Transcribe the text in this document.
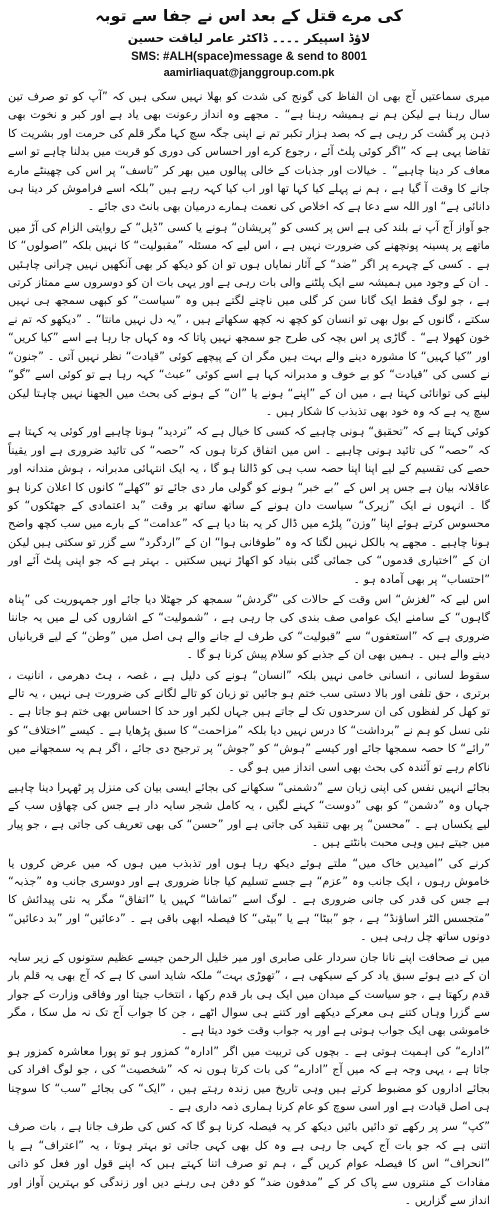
کی مرے قتل کے بعد اس نے جفا سے توبہ
لاؤڈ اسپیکر ۔۔۔۔ ڈاکٹر عامر لیاقت حسین
SMS: #ALH(space)message & send to 8001
aamirliaquat@janggroup.com.pk

میری سماعتیں آج بھی ان الفاظ کی گونج کی شدت کو بھلا نہیں سکی ہیں کہ ”آپ کو تو صرف تین سال رہنا ہے لیکن ہم نے ہمیشہ رہنا ہے“ ۔ مجھے وہ انداز رعونت بھی یاد ہے اور کبر و نخوت بھی ذہن پر گشت کر رہی ہے کہ بصد ہزار تکبر تم نے اپنی جگہ سچ کہا مگر قلم کی حرمت اور بشریت کا تقاضا یہی ہے کہ ”اگر کوئی پلٹ آئے ، رجوع کرے اور احساس کی دوری کو قربت میں بدلنا چاہے تو اسے معاف کر دینا چاہیے“ ۔ خیالات اور جذبات کے خالی پیالوں میں بھر کر ”تاسف“ پر اس کی چھینٹے مارے جانے کا وقت آ گیا ہے ، ہم نے پہلے کیا کہا تھا اور اب کیا کہہ رہے ہیں ”بلکہ اسے فراموش کر دینا ہی دانائی ہے“ اور اللہ سے دعا ہے کہ اخلاص کی نعمت ہمارے درمیان بھی بانٹ دی جائے ۔

جو آواز آج آپ نے بلند کی ہے اس پر کسی کو ”پریشان“ ہونے یا کسی ”ڈیل“ کے روایتی الزام کی آڑ میں ماتھے پر پسینہ پونچھنے کی ضرورت نہیں ہے ، اس لیے کہ مسئلہ ”مقبولیت“ کا نہیں بلکہ ”اصولوں“ کا ہے ۔ کسی کے چہرے پر اگر ”ضد“ کے آثار نمایاں ہوں تو ان کو دیکھ کر بھی آنکھیں نہیں چرانی چاہئیں ۔ ان کے وجود میں ہمیشہ سے ایک پلٹنے والی بات رہی ہے اور یہی بات ان کو دوسروں سے ممتاز کرتی ہے ، جو لوگ فقط ایک گانا سن کر گلی میں ناچنے لگتے ہیں وہ ”سیاست“ کو کبھی سمجھ ہی نہیں سکتے ، گانوں کے بول بھی تو انسان کو کچھ نہ کچھ سکھاتے ہیں ، ”یہ دل نہیں مانتا“ ۔ ”دیکھو کہ تم نے خون کھولا ہے“ ۔ گاڑی پر اس بچہ کی طرح جو سمجھ نہیں پاتا کہ وہ کہاں جا رہا ہے اسے ”کیا کریں“ اور ”کیا کہیں“ کا مشورہ دینے والے بہت ہیں مگر ان کے پیچھے کوئی ”قیادت“ نظر نہیں آتی ۔ ”جنون“ نے کسی کی ”قیادت“ کو بے خوف و مدبرانہ کہا ہے اسے کوئی ”عبث“ کہہ رہا ہے تو کوئی اسے ”گو“ لینے کی توانائی کہتا ہے ، میں ان کے ”اپنے“ ہونے یا ”ان“ کے ہونے کی بحث میں الجھنا نہیں چاہتا لیکن سچ یہ ہے کہ وہ خود بھی تذبذب کا شکار ہیں ۔

کوئی کہتا ہے کہ ”تحقیق“ ہونی چاہیے کہ کسی کا خیال ہے کہ ”تردید“ ہونا چاہیے اور کوئی یہ کہتا ہے کہ ”حصہ“ کی تائید ہونی چاہیے ۔ اس میں اتفاق کرتا ہوں کہ ”حصہ“ کی تائید ضروری ہے اور یقیناً حصے کی تقسیم کے لیے اپنا اپنا حصہ سب ہی کو ڈالنا ہو گا ، یہ ایک انتہائی مدبرانہ ، ہوش مندانہ اور عاقلانہ بیان ہے جس پر اس کے ”بے خبر“ ہونے کو گولی مار دی جائے تو ”کھلے“ کانوں کا اعلان کرنا ہو گا ۔ انہوں نے ایک ”زیرک“ سیاست دان ہونے کے ساتھ ساتھ بر وقت ”بد اعتمادی کے جھٹکوں“ کو محسوس کرتے ہوئے اپنا ”وزن“ پلڑے میں ڈال کر یہ بتا دیا ہے کہ ”عدامت“ کے بارے میں سب کچھ واضح ہونا چاہیے ۔ مجھے یہ بالکل نہیں لگتا کہ وہ ”طوفانی ہوا“ ان کے ”اردگرد“ سے گزر تو سکتی ہیں لیکن ان کے ”اختیاری قدموں“ کی جمائی گئی بنیاد کو اکھاڑ نہیں سکتیں ۔ بہتر ہے کہ جو اپنی پلٹ آئے اور ”احتساب“ پر بھی آمادہ ہو ۔

اس لیے کہ ”لغزش“ اس وقت کے حالات کی ”گردش“ سمجھ کر جھٹلا دیا جائے اور جمہوریت کی ”پناہ گاہوں“ کے سامنے ایک عوامی صف بندی کی جا رہی ہے ، ”شمولیت“ کے اشاروں کی لے میں یہ جاننا ضروری ہے کہ ”استعفوں“ سے ”قبولیت“ کی طرف لے جانے والے ہی اصل میں ”وطن“ کے لیے قربانیاں دینے والے ہیں ۔ ہمیں بھی ان کے جذبے کو سلام پیش کرنا ہو گا ۔

سقوط لسانی ، انسانی خامی نہیں بلکہ ”انسان“ ہونے کی دلیل ہے ، غصہ ، ہٹ دھرمی ، انانیت ، برتری ، حق تلفی اور بالا دستی سب ختم ہو جائیں تو زبان کو تالے لگانے کی ضرورت ہی نہیں ، یہ تالے تو کھل کر لفظوں کی ان سرحدوں تک لے جاتے ہیں جہاں لکیر اور حد کا احساس بھی ختم ہو جاتا ہے ۔ نئی نسل کو ہم نے ”برداشت“ کا درس نہیں دیا بلکہ ”مزاحمت“ کا سبق پڑھایا ہے ۔ کیسے ”اختلاف“ کو ”رائے“ کا حصہ سمجھا جائے اور کیسے ”ہوش“ کو ”جوش“ پر ترجیح دی جائے ، اگر ہم یہ سمجھانے میں ناکام رہے تو آئندہ کی بحث بھی اسی انداز میں ہو گی ۔

بجائے انہیں نفس کی اپنی زبان سے ”دشمنی“ سکھانے کی بجائے ایسی بیان کی منزل پر ٹھہرا دینا چاہیے جہاں وہ ”دشمن“ کو بھی ”دوست“ کہنے لگیں ، یہ کامل شجر سایہ دار ہے جس کی چھاؤں سب کے لیے یکساں ہے ۔ ”محسن“ پر بھی تنقید کی جاتی ہے اور ”حسن“ کی بھی تعریف کی جاتی ہے ، جو پیار میں جیتے ہیں وہی محبت بانٹتے ہیں ۔

کرنے کی ”امیدیں خاک میں“ ملتے ہوئے دیکھ رہا ہوں اور تذبذب میں ہوں کہ میں عرض کروں یا خاموش رہوں ، ایک جانب وہ ”عزم“ ہے جسے تسلیم کیا جانا ضروری ہے اور دوسری جانب وہ ”جذبہ“ ہے جس کی قدر کی جانی ضروری ہے ۔ لوگ اسے ”تماشا“ کہیں یا ”اتفاق“ مگر یہ نئی پیدائش کا ”متجسس الٹر اساؤنڈ“ ہے ، جو ”بیٹا“ ہے یا ”بیٹی“ کا فیصلہ ابھی باقی ہے ۔ ”دعائیں“ اور ”بد دعائیں“ دونوں ساتھ چل رہی ہیں ۔

میں نے صحافت اپنے نانا جان سردار علی صابری اور میر خلیل الرحمن جیسے عظیم ستونوں کے زیر سایہ ان کے دیے ہوئے سبق یاد کر کے سیکھی ہے ، ”تھوڑی بہت“ ملکہ شاید اسی کا ہے کہ آج بھی یہ قلم بار قدم رکھتا ہے ، جو سیاست کے میدان میں ایک ہی بار قدم رکھا ، انتخاب جیتا اور وفاقی وزارت کے جوار سے گزرا وہاں کتنے ہی معرکے دیکھے اور کتنے ہی سوال اٹھے ، جن کا جواب آج تک نہ مل سکا ، مگر خاموشی بھی ایک جواب ہوتی ہے اور یہ جواب وقت خود دیتا ہے ۔

”ادارے“ کی اہمیت ہوتی ہے ۔ بچوں کی تربیت میں اگر ”ادارہ“ کمزور ہو تو پورا معاشرہ کمزور ہو جاتا ہے ، یہی وجہ ہے کہ میں آج ”ادارے“ کی بات کرتا ہوں نہ کہ ”شخصیت“ کی ، جو لوگ افراد کی بجائے اداروں کو مضبوط کرتے ہیں وہی تاریخ میں زندہ رہتے ہیں ، ”ایک“ کی بجائے ”سب“ کا سوچنا ہی اصل قیادت ہے اور اسی سوچ کو عام کرنا ہماری ذمہ داری ہے ۔

”کپ“ سر پر رکھے تو دائیں بائیں دیکھ کر یہ فیصلہ کرنا ہو گا کہ کس کی طرف جانا ہے ، بات صرف اتنی ہے کہ جو بات آج کہی جا رہی ہے وہ کل بھی کہی جاتی تو بہتر ہوتا ، یہ ”اعتراف“ ہے یا ”انحراف“ اس کا فیصلہ عوام کریں گے ، ہم تو صرف اتنا کہتے ہیں کہ اپنے قول اور فعل کو ذاتی مفادات کے منتروں سے پاک کر کے ”مدفون ضد“ کو دفن ہی رہنے دیں اور زندگی کو بہترین آواز اور انداز سے گزاریں ۔
